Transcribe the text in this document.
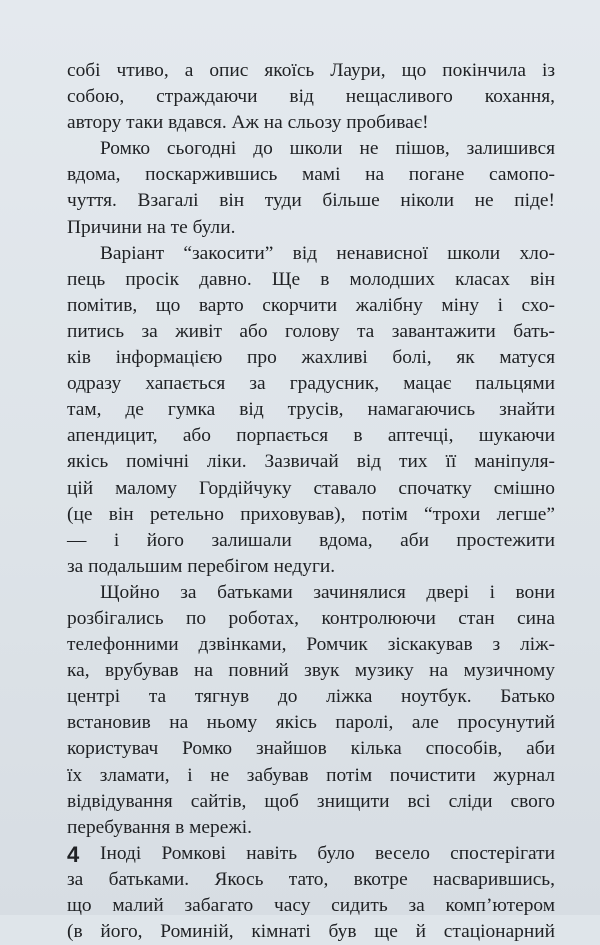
собі чтиво, а опис якоїсь Лаури, що покінчила із
собою, страждаючи від нещасливого кохання,
автору таки вдався. Аж на сльозу пробиває!

Ромко сьогодні до школи не пішов, залишився
вдома, поскаржившись мамі на погане самопо-
чуття. Взагалі він туди більше ніколи не піде!
Причини на те були.

Варіант “закосити” від ненависної школи хло-
пець просік давно. Ще в молодших класах він
помітив, що варто скорчити жалібну міну і схо-
питись за живіт або голову та завантажити бать-
ків інформацією про жахливі болі, як матуся
одразу хапається за градусник, мацає пальцями
там, де гумка від трусів, намагаючись знайти
апендицит, або порпається в аптечці, шукаючи
якісь помічні ліки. Зазвичай від тих її маніпуля-
цій малому Гордійчуку ставало спочатку смішно
(це він ретельно приховував), потім “трохи легше”
— і його залишали вдома, аби простежити
за подальшим перебігом недуги.

Щойно за батьками зачинялися двері і вони
розбігались по роботах, контролюючи стан сина
телефонними дзвінками, Ромчик зіскакував з ліж-
ка, врубував на повний звук музику на музичному
центрі та тягнув до ліжка ноутбук. Батько
встановив на ньому якісь паролі, але просунутий
користувач Ромко знайшов кілька способів, аби
їх зламати, і не забував потім почистити журнал
відвідування сайтів, щоб знищити всі сліди свого
перебування в мережі.

Іноді Ромкові навіть було весело спостерігати
за батьками. Якось тато, вкотре насварившись,
що малий забагато часу сидить за комп’ютером
(в його, Роминій, кімнаті був ще й стаціонарний

4
